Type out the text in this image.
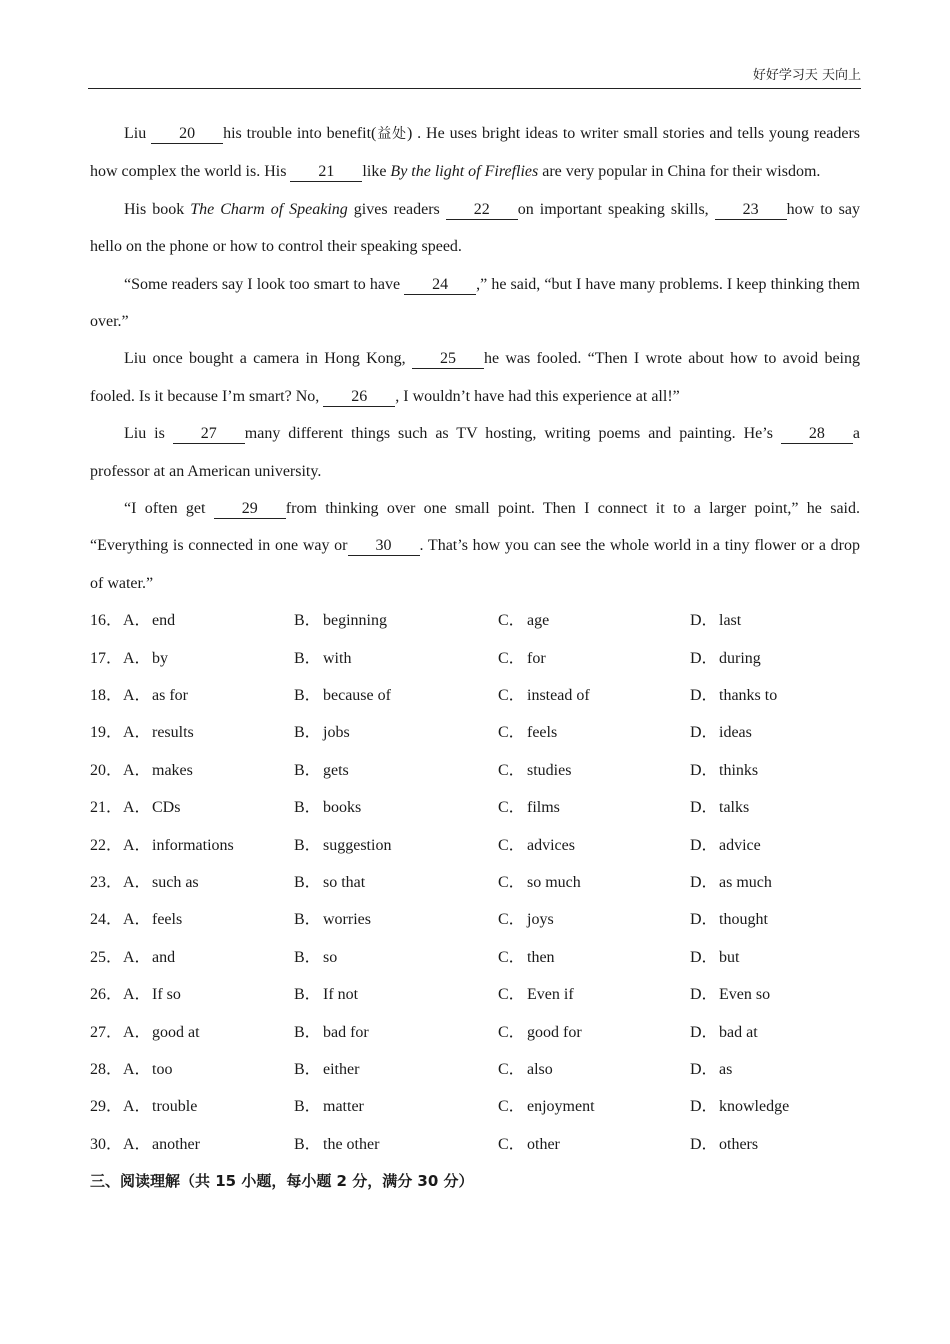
好好学习天 天向上

Liu 20 his trouble into benefit(益处) . He uses bright ideas to writer small stories and tells young readers how complex the world is. His 21 like By the light of Fireflies are very popular in China for their wisdom.

His book The Charm of Speaking gives readers 22 on important speaking skills, 23 how to say hello on the phone or how to control their speaking speed.

“Some readers say I look too smart to have 24 ,” he said, “but I have many problems. I keep thinking them over.”

Liu once bought a camera in Hong Kong, 25 he was fooled. “Then I wrote about how to avoid being fooled. Is it because I’m smart? No, 26 , I wouldn’t have had this experience at all!”

Liu is 27 many different things such as TV hosting, writing poems and painting. He’s 28 a professor at an American university.

“I often get 29 from thinking over one small point. Then I connect it to a larger point,” he said. “Everything is connected in one way or 30 . That’s how you can see the whole world in a tiny flower or a drop of water.”

16． A．end	B． beginning	C． age	D．last
17． A．by	B． with	C． for	D．during
18． A．as for	B． because of	C． instead of	D．thanks to
19． A．results	B． jobs	C． feels	D．ideas
20． A．makes	B． gets	C． studies	D．thinks
21． A．CDs	B． books	C． films	D．talks
22． A．informations	B． suggestion	C． advices	D．advice
23． A．such as	B． so that	C． so much	D．as much
24． A．feels	B． worries	C． joys	D．thought
25． A．and	B． so	C． then	D．but
26． A．If so	B． If not	C． Even if	D．Even so
27． A．good at	B． bad for	C． good for	D．bad at
28． A．too	B． either	C． also	D．as
29． A．trouble	B． matter	C． enjoyment	D．knowledge
30． A．another	B． the other	C． other	D．others
三、阅读理解（共 15 小题，每小题 2 分，满分 30 分）
